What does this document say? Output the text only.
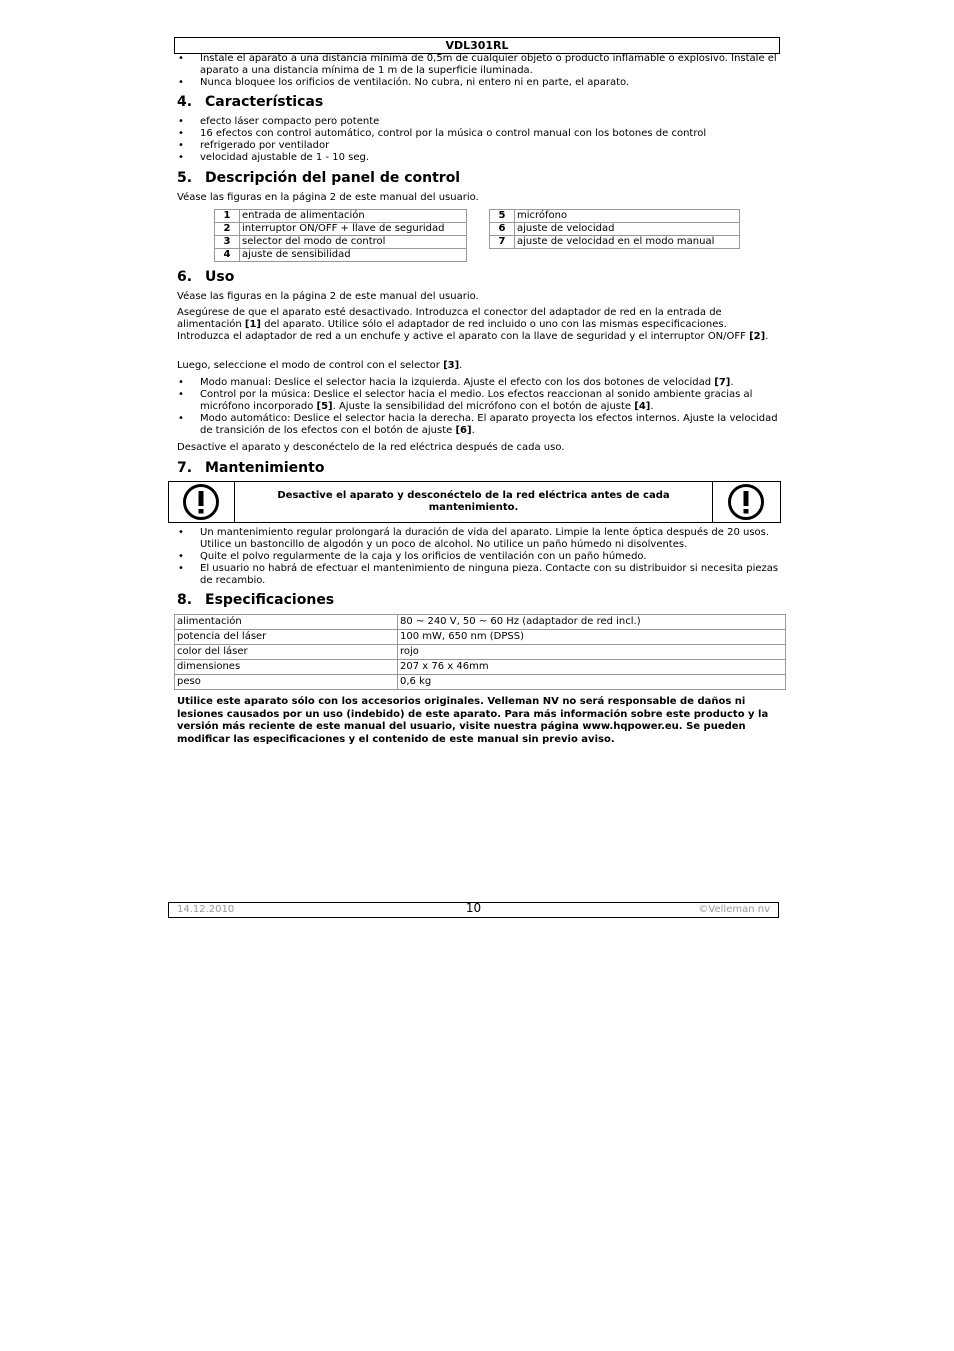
VDL301RL
• Instale el aparato a una distancia mínima de 0,5m de cualquier objeto o producto inflamable o explosivo. Instale el aparato a una distancia mínima de 1 m de la superficie iluminada.
• Nunca bloquee los orificios de ventilación. No cubra, ni entero ni en parte, el aparato.
4. Características
• efecto láser compacto pero potente
• 16 efectos con control automático, control por la música o control manual con los botones de control
• refrigerado por ventilador
• velocidad ajustable de 1 - 10 seg.
5. Descripción del panel de control
Véase las figuras en la página 2 de este manual del usuario.
1	entrada de alimentación
2	interruptor ON/OFF + llave de seguridad
3	selector del modo de control
4	ajuste de sensibilidad
5	micrófono
6	ajuste de velocidad
7	ajuste de velocidad en el modo manual
6. Uso
Véase las figuras en la página 2 de este manual del usuario.
Asegúrese de que el aparato esté desactivado. Introduzca el conector del adaptador de red en la entrada de alimentación [1] del aparato. Utilice sólo el adaptador de red incluido o uno con las mismas especificaciones. Introduzca el adaptador de red a un enchufe y active el aparato con la llave de seguridad y el interruptor ON/OFF [2].
Luego, seleccione el modo de control con el selector [3].
• Modo manual: Deslice el selector hacia la izquierda. Ajuste el efecto con los dos botones de velocidad [7].
• Control por la música: Deslice el selector hacia el medio. Los efectos reaccionan al sonido ambiente gracias al micrófono incorporado [5]. Ajuste la sensibilidad del micrófono con el botón de ajuste [4].
• Modo automático: Deslice el selector hacia la derecha. El aparato proyecta los efectos internos. Ajuste la velocidad de transición de los efectos con el botón de ajuste [6].
Desactive el aparato y desconéctelo de la red eléctrica después de cada uso.
7. Mantenimiento
Desactive el aparato y desconéctelo de la red eléctrica antes de cada mantenimiento.
• Un mantenimiento regular prolongará la duración de vida del aparato. Limpie la lente óptica después de 20 usos. Utilice un bastoncillo de algodón y un poco de alcohol. No utilice un paño húmedo ni disolventes.
• Quite el polvo regularmente de la caja y los orificios de ventilación con un paño húmedo.
• El usuario no habrá de efectuar el mantenimiento de ninguna pieza. Contacte con su distribuidor si necesita piezas de recambio.
8. Especificaciones
alimentación	80 ~ 240 V, 50 ~ 60 Hz (adaptador de red incl.)
potencia del láser	100 mW, 650 nm (DPSS)
color del láser	rojo
dimensiones	207 x 76 x 46mm
peso	0,6 kg
Utilice este aparato sólo con los accesorios originales. Velleman NV no será responsable de daños ni lesiones causados por un uso (indebido) de este aparato. Para más información sobre este producto y la versión más reciente de este manual del usuario, visite nuestra página www.hqpower.eu. Se pueden modificar las especificaciones y el contenido de este manual sin previo aviso.
14.12.2010	10	©Velleman nv
